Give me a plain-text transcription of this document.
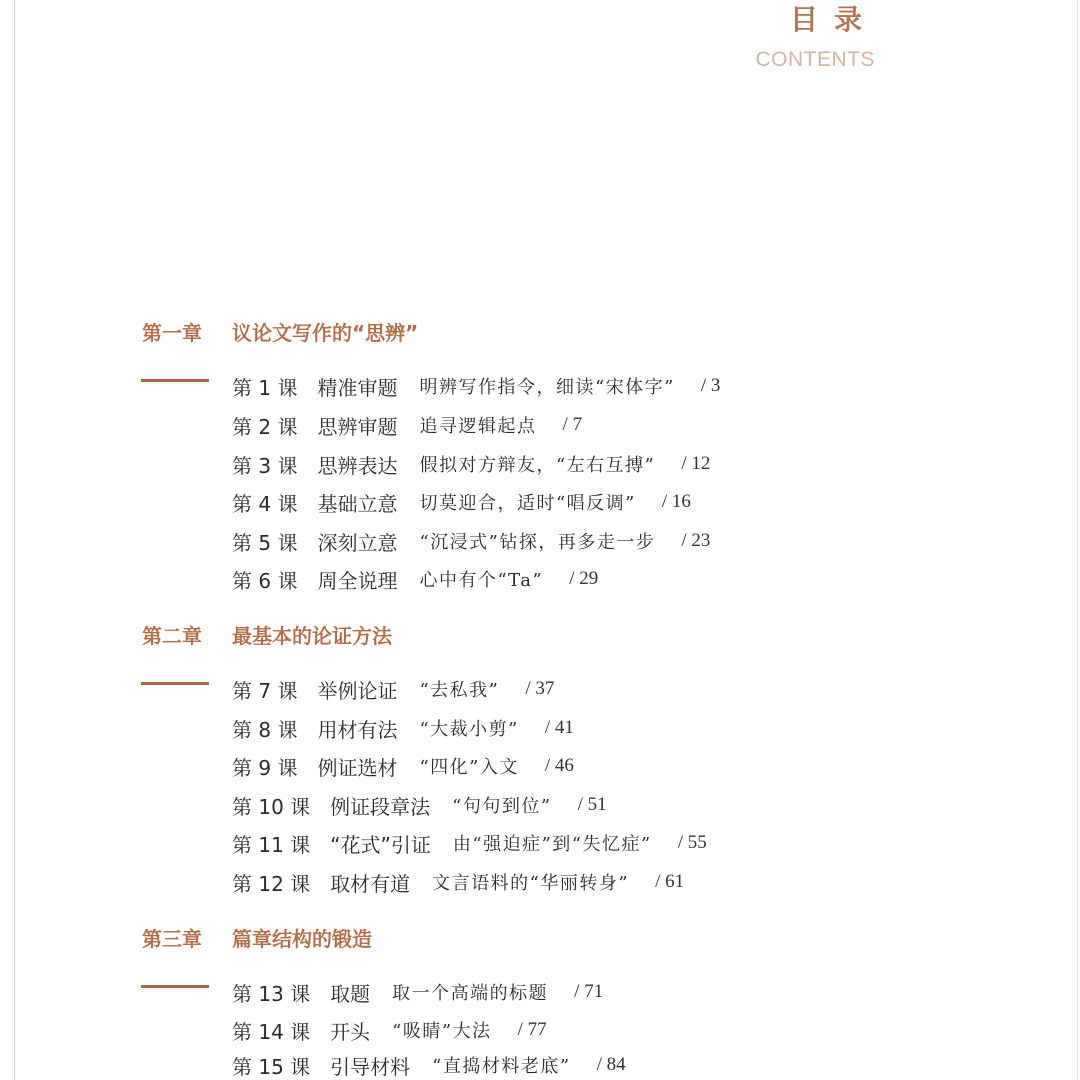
目录
CONTENTS
第一章	议论文写作的“思辨”
第 1 课 精准审题 明辨写作指令，细读“宋体字” / 3
第 2 课 思辨审题 追寻逻辑起点 / 7
第 3 课 思辨表达 假拟对方辩友，“左右互搏” / 12
第 4 课 基础立意 切莫迎合，适时“唱反调” / 16
第 5 课 深刻立意 “沉浸式”钻探，再多走一步 / 23
第 6 课 周全说理 心中有个“Ta” / 29
第二章	最基本的论证方法
第 7 课 举例论证 “去私我” / 37
第 8 课 用材有法 “大裁小剪” / 41
第 9 课 例证选材 “四化”入文 / 46
第 10 课 例证段章法 “句句到位” / 51
第 11 课 “花式”引证 由“强迫症”到“失忆症” / 55
第 12 课 取材有道 文言语料的“华丽转身” / 61
第三章	篇章结构的锻造
第 13 课 取题 取一个高端的标题 / 71
第 14 课 开头 “吸睛”大法 / 77
第 15 课 引导材料 “直捣材料老底” / 84
